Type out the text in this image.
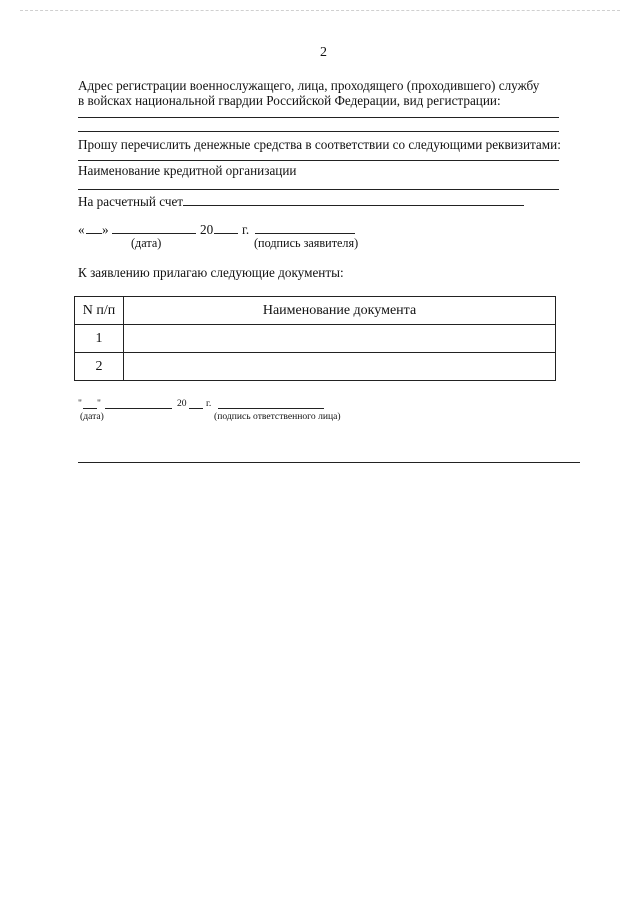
2
Адрес регистрации военнослужащего, лица, проходящего (проходившего) службу
в войсках национальной гвардии Российской Федерации, вид регистрации:
Прошу перечислить денежные средства в соответствии со следующими реквизитами:
Наименование кредитной организации
На расчетный счет
« »	20 г.
(дата)	(подпись заявителя)
К заявлению прилагаю следующие документы:
N п/п	Наименование документа
1	
2	
" "	20 г.
(дата)	(подпись ответственного лица)
